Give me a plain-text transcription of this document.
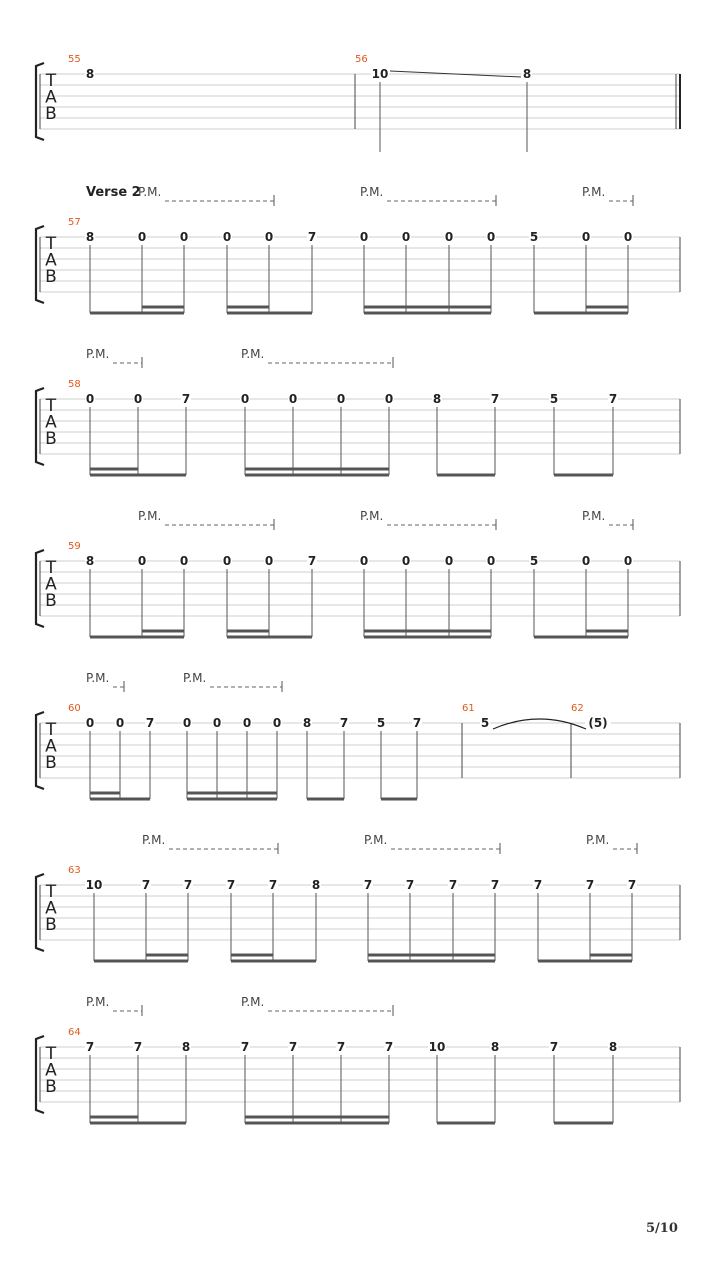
T
A
B
55
8
56
10	8
T
A
B
Verse 2
P.M.	P.M.	P.M.
57
8	0	0	0	0	7	0	0	0	0	5	0	0
T
A
B
P.M.	P.M.
58
0	0	7	0	0	0	0	8	7	5	7
T
A
B
P.M.	P.M.	P.M.
59
8	0	0	0	0	7	0	0	0	0	5	0	0
T
A
B
P.M.	P.M.
60
0 0 7 0 0 0 0 8 7 5 7
61
5
62
(5)
T
A
B
P.M.	P.M.	P.M.
63
10	7	7	7	7	8	7	7	7	7	7	7	7
T
A
B
P.M.	P.M.
64
7	7	8	7	7	7	7	10	8	7	8
5/10
